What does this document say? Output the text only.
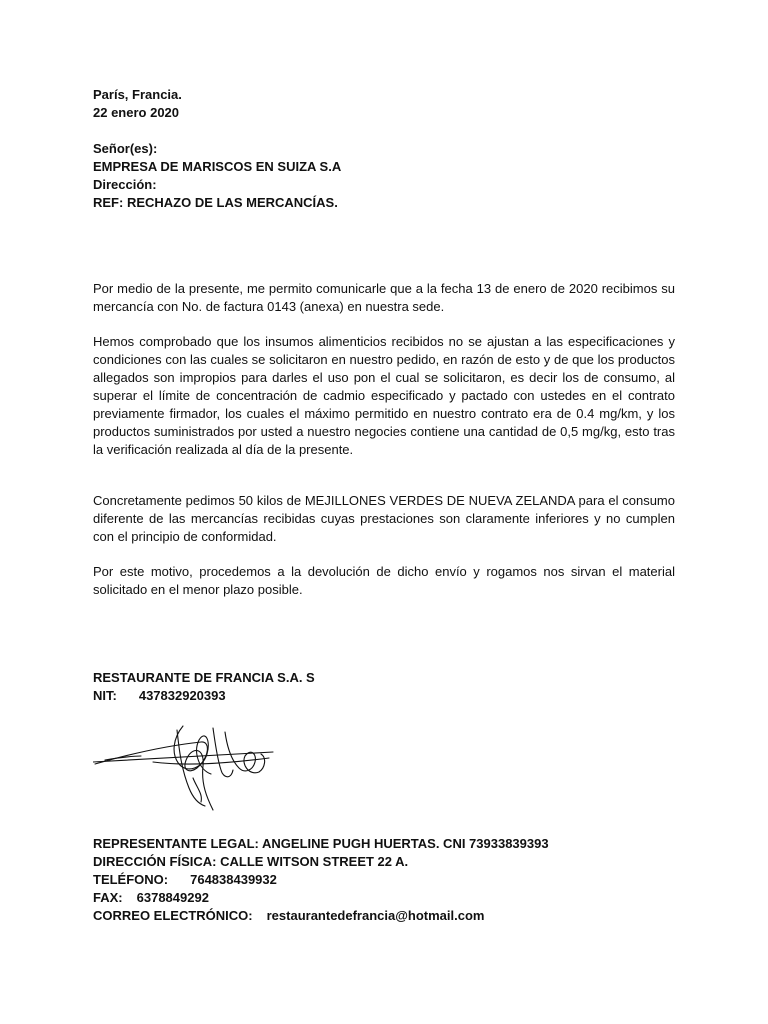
París, Francia.
22 enero 2020
Señor(es):
EMPRESA DE MARISCOS EN SUIZA S.A
Dirección:
REF: RECHAZO DE LAS MERCANCÍAS.

Por medio de la presente, me permito comunicarle que a la fecha 13 de enero de 2020 recibimos su mercancía con No. de factura 0143 (anexa) en nuestra sede.

Hemos comprobado que los insumos alimenticios recibidos no se ajustan a las especificaciones y condiciones con las cuales se solicitaron en nuestro pedido, en razón de esto y de que los productos allegados son impropios para darles el uso pon el cual se solicitaron, es decir los de consumo, al superar el límite de concentración de cadmio especificado y pactado con ustedes en el contrato previamente firmador, los cuales el máximo permitido en nuestro contrato era de 0.4 mg/km, y los productos suministrados por usted a nuestro negocies contiene una cantidad de 0,5 mg/kg, esto tras la verificación realizada al día de la presente.

Concretamente pedimos 50 kilos de MEJILLONES VERDES DE NUEVA ZELANDA para el consumo diferente de las mercancías recibidas cuyas prestaciones son claramente inferiores y no cumplen con el principio de conformidad.

Por este motivo, procedemos a la devolución de dicho envío y rogamos nos sirvan el material solicitado en el menor plazo posible.

RESTAURANTE DE FRANCIA S.A. S
NIT: 437832920393
REPRESENTANTE LEGAL: ANGELINE PUGH HUERTAS. CNI 73933839393
DIRECCIÓN FÍSICA: CALLE WITSON STREET 22 A.
TELÉFONO: 764838439932
FAX: 6378849292
CORREO ELECTRÓNICO: restaurantedefrancia@hotmail.com
